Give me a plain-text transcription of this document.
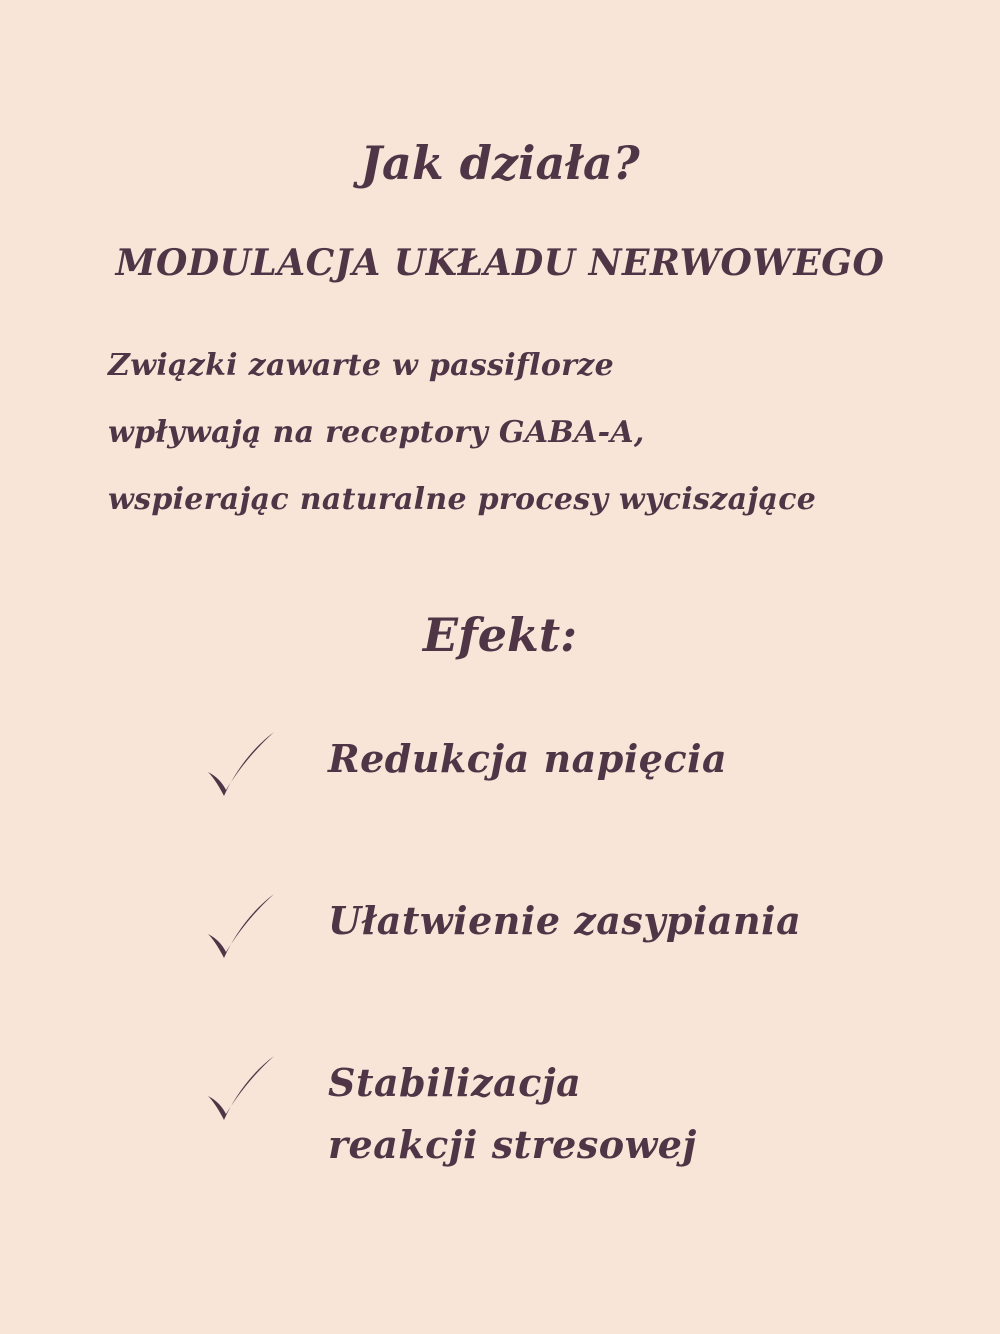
Jak działa?
MODULACJA UKŁADU NERWOWEGO
Związki zawarte w passiflorze
wpływają na receptory GABA-A,
wspierając naturalne procesy wyciszające
Efekt:
Redukcja napięcia
Ułatwienie zasypiania
Stabilizacja
reakcji stresowej
